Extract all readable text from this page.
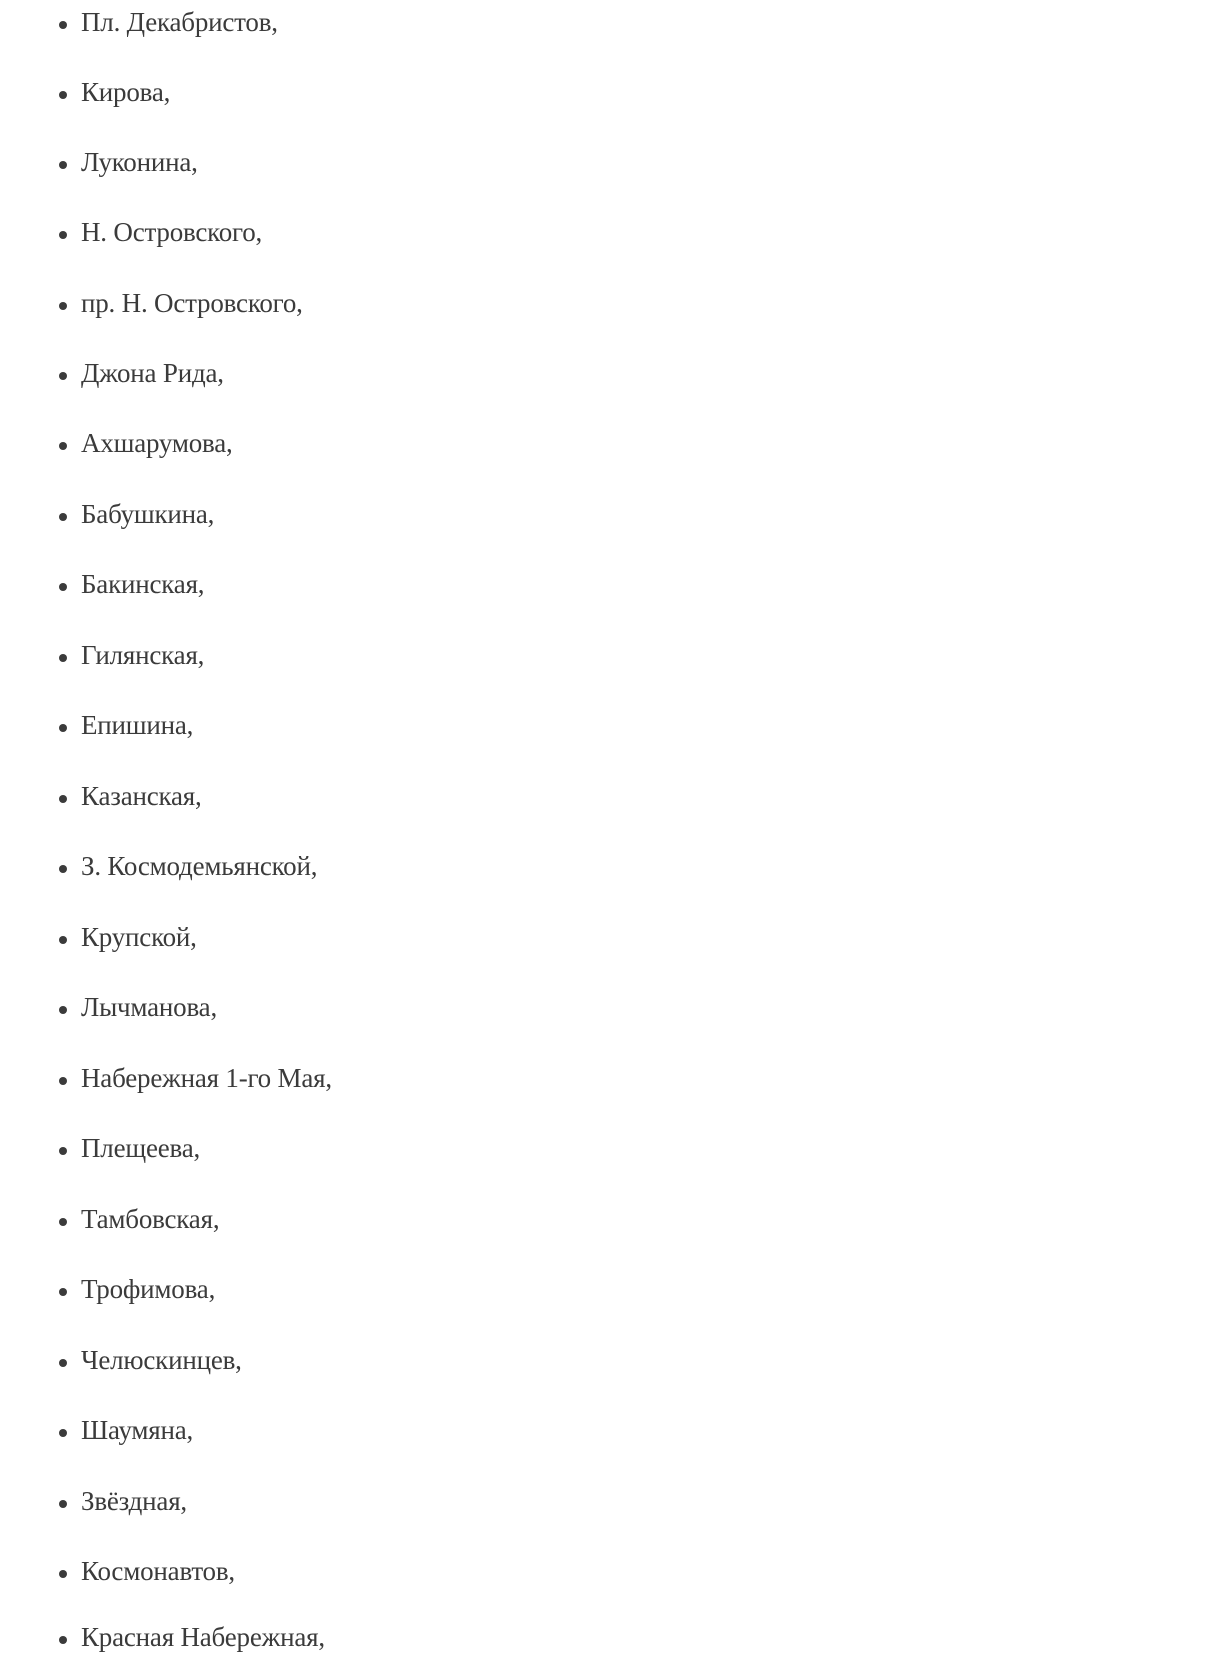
Пл. Декабристов,
Кирова,
Луконина,
Н. Островского,
пр. Н. Островского,
Джона Рида,
Ахшарумова,
Бабушкина,
Бакинская,
Гилянская,
Епишина,
Казанская,
З. Космодемьянской,
Крупской,
Лычманова,
Набережная 1-го Мая,
Плещеева,
Тамбовская,
Трофимова,
Челюскинцев,
Шаумяна,
Звёздная,
Космонавтов,
Красная Набережная,
